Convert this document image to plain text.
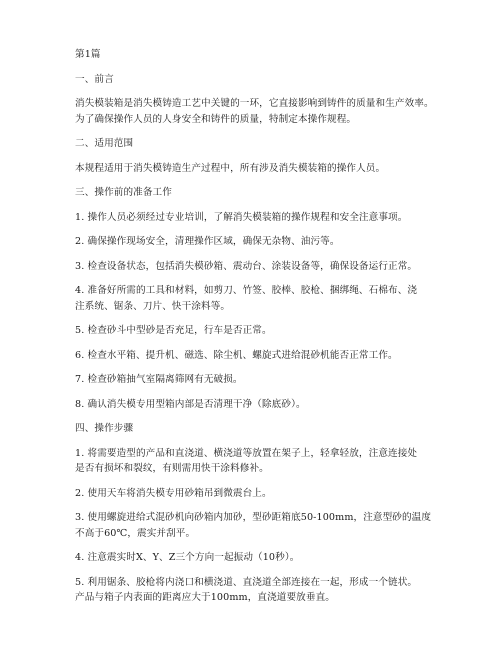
第1篇
一、前言
消失模装箱是消失模铸造工艺中关键的一环，它直接影响到铸件的质量和生产效率。
为了确保操作人员的人身安全和铸件的质量，特制定本操作规程。
二、适用范围
本规程适用于消失模铸造生产过程中，所有涉及消失模装箱的操作人员。
三、操作前的准备工作
1. 操作人员必须经过专业培训，了解消失模装箱的操作规程和安全注意事项。
2. 确保操作现场安全，清理操作区域，确保无杂物、油污等。
3. 检查设备状态，包括消失模砂箱、震动台、涂装设备等，确保设备运行正常。
4. 准备好所需的工具和材料，如剪刀、竹签、胶棒、胶枪、捆绑绳、石棉布、浇
注系统、锯条、刀片、快干涂料等。
5. 检查砂斗中型砂是否充足，行车是否正常。
6. 检查水平箱、提升机、磁选、除尘机、螺旋式进给混砂机能否正常工作。
7. 检查砂箱抽气室隔离筛网有无破损。
8. 确认消失模专用型箱内部是否清理干净（除底砂）。
四、操作步骤
1. 将需要造型的产品和直浇道、横浇道等放置在架子上，轻拿轻放，注意连接处
是否有损坏和裂纹，有则需用快干涂料修补。
2. 使用天车将消失模专用砂箱吊到微震台上。
3. 使用螺旋进给式混砂机向砂箱内加砂，型砂距箱底50-100mm，注意型砂的温度
不高于60℃，震实并刮平。
4. 注意震实时X、Y、Z三个方向一起振动（10秒）。
5. 利用锯条、胶枪将内浇口和横浇道、直浇道全部连接在一起，形成一个链状。
产品与箱子内表面的距离应大于100mm，直浇道要放垂直。
